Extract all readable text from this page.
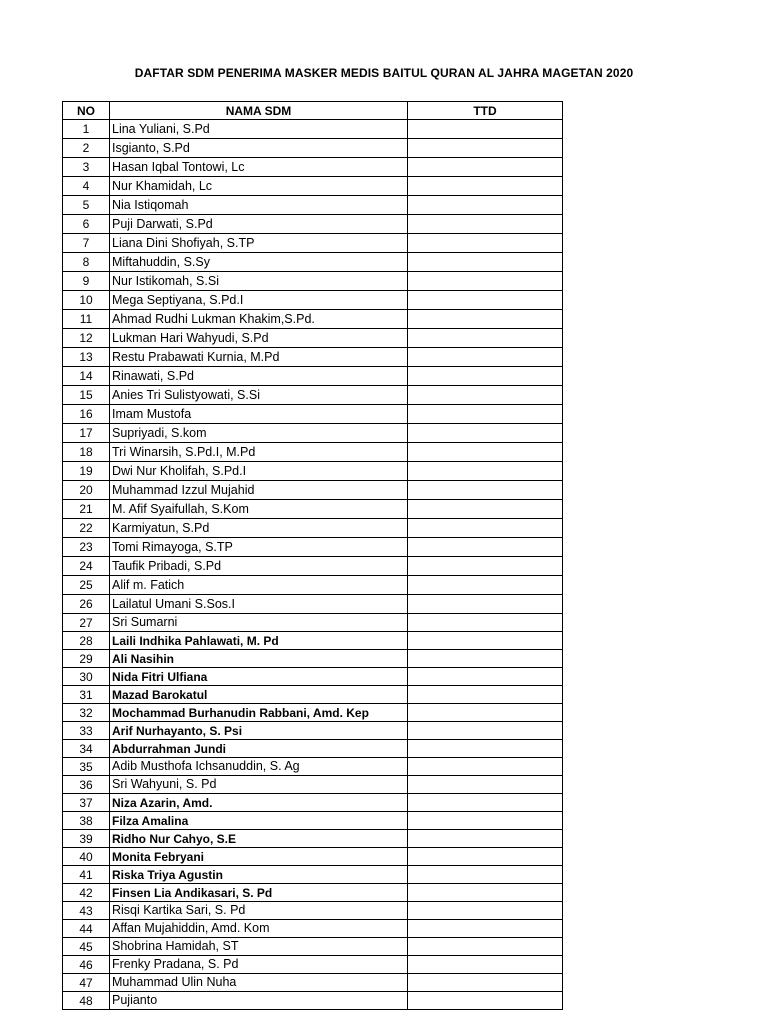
DAFTAR SDM PENERIMA MASKER MEDIS BAITUL QURAN AL JAHRA MAGETAN 2020
NO	NAMA SDM	TTD
1	Lina Yuliani, S.Pd	
2	Isgianto, S.Pd	
3	Hasan Iqbal Tontowi, Lc	
4	Nur Khamidah, Lc	
5	Nia Istiqomah	
6	Puji Darwati, S.Pd	
7	Liana Dini Shofiyah, S.TP	
8	Miftahuddin, S.Sy	
9	Nur Istikomah, S.Si	
10	Mega Septiyana, S.Pd.I	
11	Ahmad Rudhi Lukman Khakim,S.Pd.	
12	Lukman Hari Wahyudi, S.Pd	
13	Restu Prabawati Kurnia, M.Pd	
14	Rinawati, S.Pd	
15	Anies Tri Sulistyowati, S.Si	
16	Imam Mustofa	
17	Supriyadi, S.kom	
18	Tri Winarsih, S.Pd.I, M.Pd	
19	Dwi Nur Kholifah, S.Pd.I	
20	Muhammad Izzul Mujahid	
21	M. Afif Syaifullah, S.Kom	
22	Karmiyatun, S.Pd	
23	Tomi Rimayoga, S.TP	
24	Taufik Pribadi, S.Pd	
25	Alif m. Fatich	
26	Lailatul Umani S.Sos.I	
27	Sri Sumarni	
28	Laili Indhika Pahlawati, M. Pd	
29	Ali Nasihin	
30	Nida Fitri Ulfiana	
31	Mazad Barokatul	
32	Mochammad Burhanudin Rabbani, Amd. Kep	
33	Arif Nurhayanto, S. Psi	
34	Abdurrahman Jundi	
35	Adib Musthofa Ichsanuddin, S. Ag	
36	Sri Wahyuni, S. Pd	
37	Niza Azarin, Amd.	
38	Filza Amalina	
39	Ridho Nur Cahyo, S.E	
40	Monita Febryani	
41	Riska Triya Agustin	
42	Finsen Lia Andikasari, S. Pd	
43	Risqi Kartika Sari, S. Pd	
44	Affan Mujahiddin, Amd. Kom	
45	Shobrina Hamidah, ST	
46	Frenky Pradana, S. Pd	
47	Muhammad Ulin Nuha	
48	Pujianto	
